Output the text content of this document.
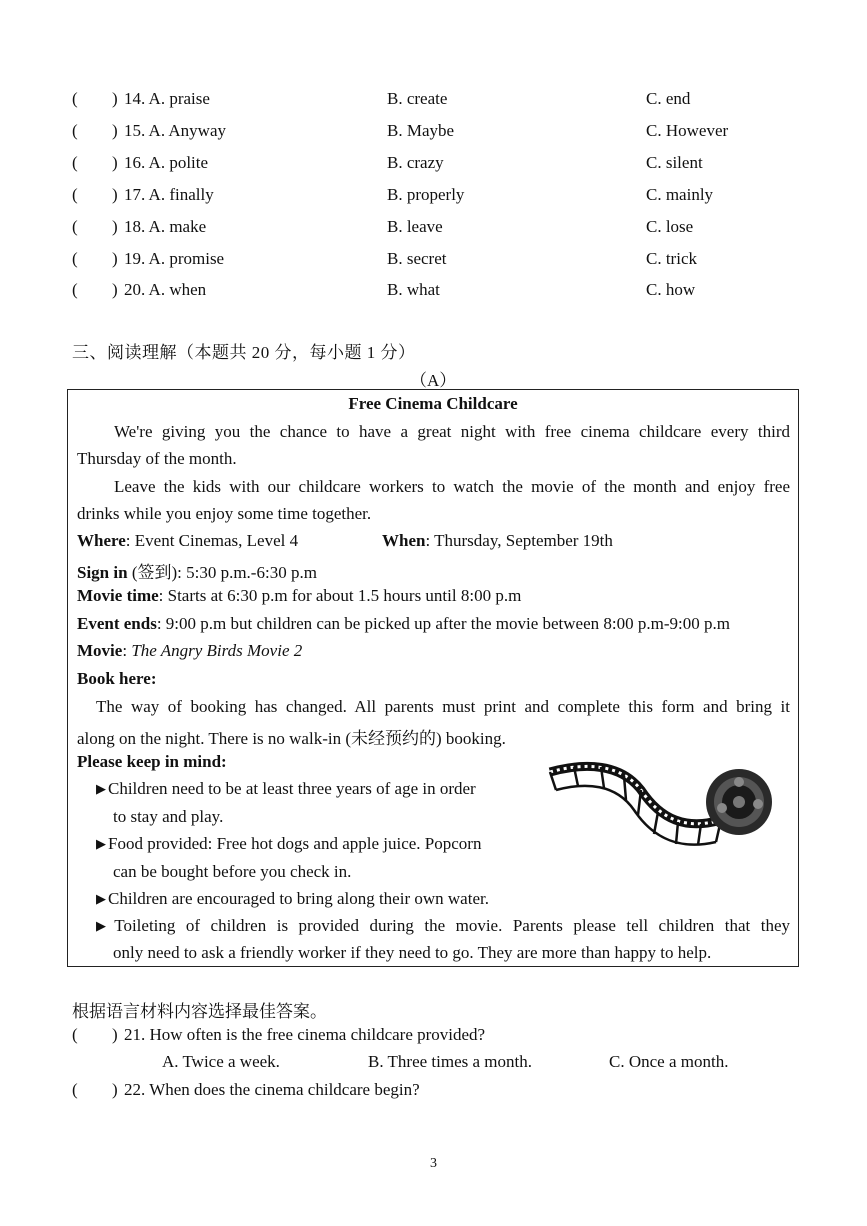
( ) 14. A. praise	B. create	C. end
( ) 15. A. Anyway	B. Maybe	C. However
( ) 16. A. polite	B. crazy	C. silent
( ) 17. A. finally	B. properly	C. mainly
( ) 18. A. make	B. leave	C. lose
( ) 19. A. promise	B. secret	C. trick
( ) 20. A. when	B. what	C. how
三、阅读理解（本题共 20 分，每小题 1 分）
（A）
Free Cinema Childcare
We're giving you the chance to have a great night with free cinema childcare every third
Thursday of the month.
Leave the kids with our childcare workers to watch the movie of the month and enjoy free
drinks while you enjoy some time together.
Where: Event Cinemas, Level 4	When: Thursday, September 19th
Sign in (签到): 5:30 p.m.-6:30 p.m
Movie time: Starts at 6:30 p.m for about 1.5 hours until 8:00 p.m
Event ends: 9:00 p.m but children can be picked up after the movie between 8:00 p.m-9:00 p.m
Movie: The Angry Birds Movie 2
Book here:
The way of booking has changed. All parents must print and complete this form and bring it
along on the night. There is no walk-in (未经预约的) booking.
Please keep in mind:
▶ Children need to be at least three years of age in order
to stay and play.
▶ Food provided: Free hot dogs and apple juice. Popcorn
can be bought before you check in.
▶ Children are encouraged to bring along their own water.
▶ Toileting of children is provided during the movie. Parents please tell children that they
only need to ask a friendly worker if they need to go. They are more than happy to help.
根据语言材料内容选择最佳答案。
( ) 21. How often is the free cinema childcare provided?
A. Twice a week.	B. Three times a month.	C. Once a month.
( ) 22. When does the cinema childcare begin?
3
